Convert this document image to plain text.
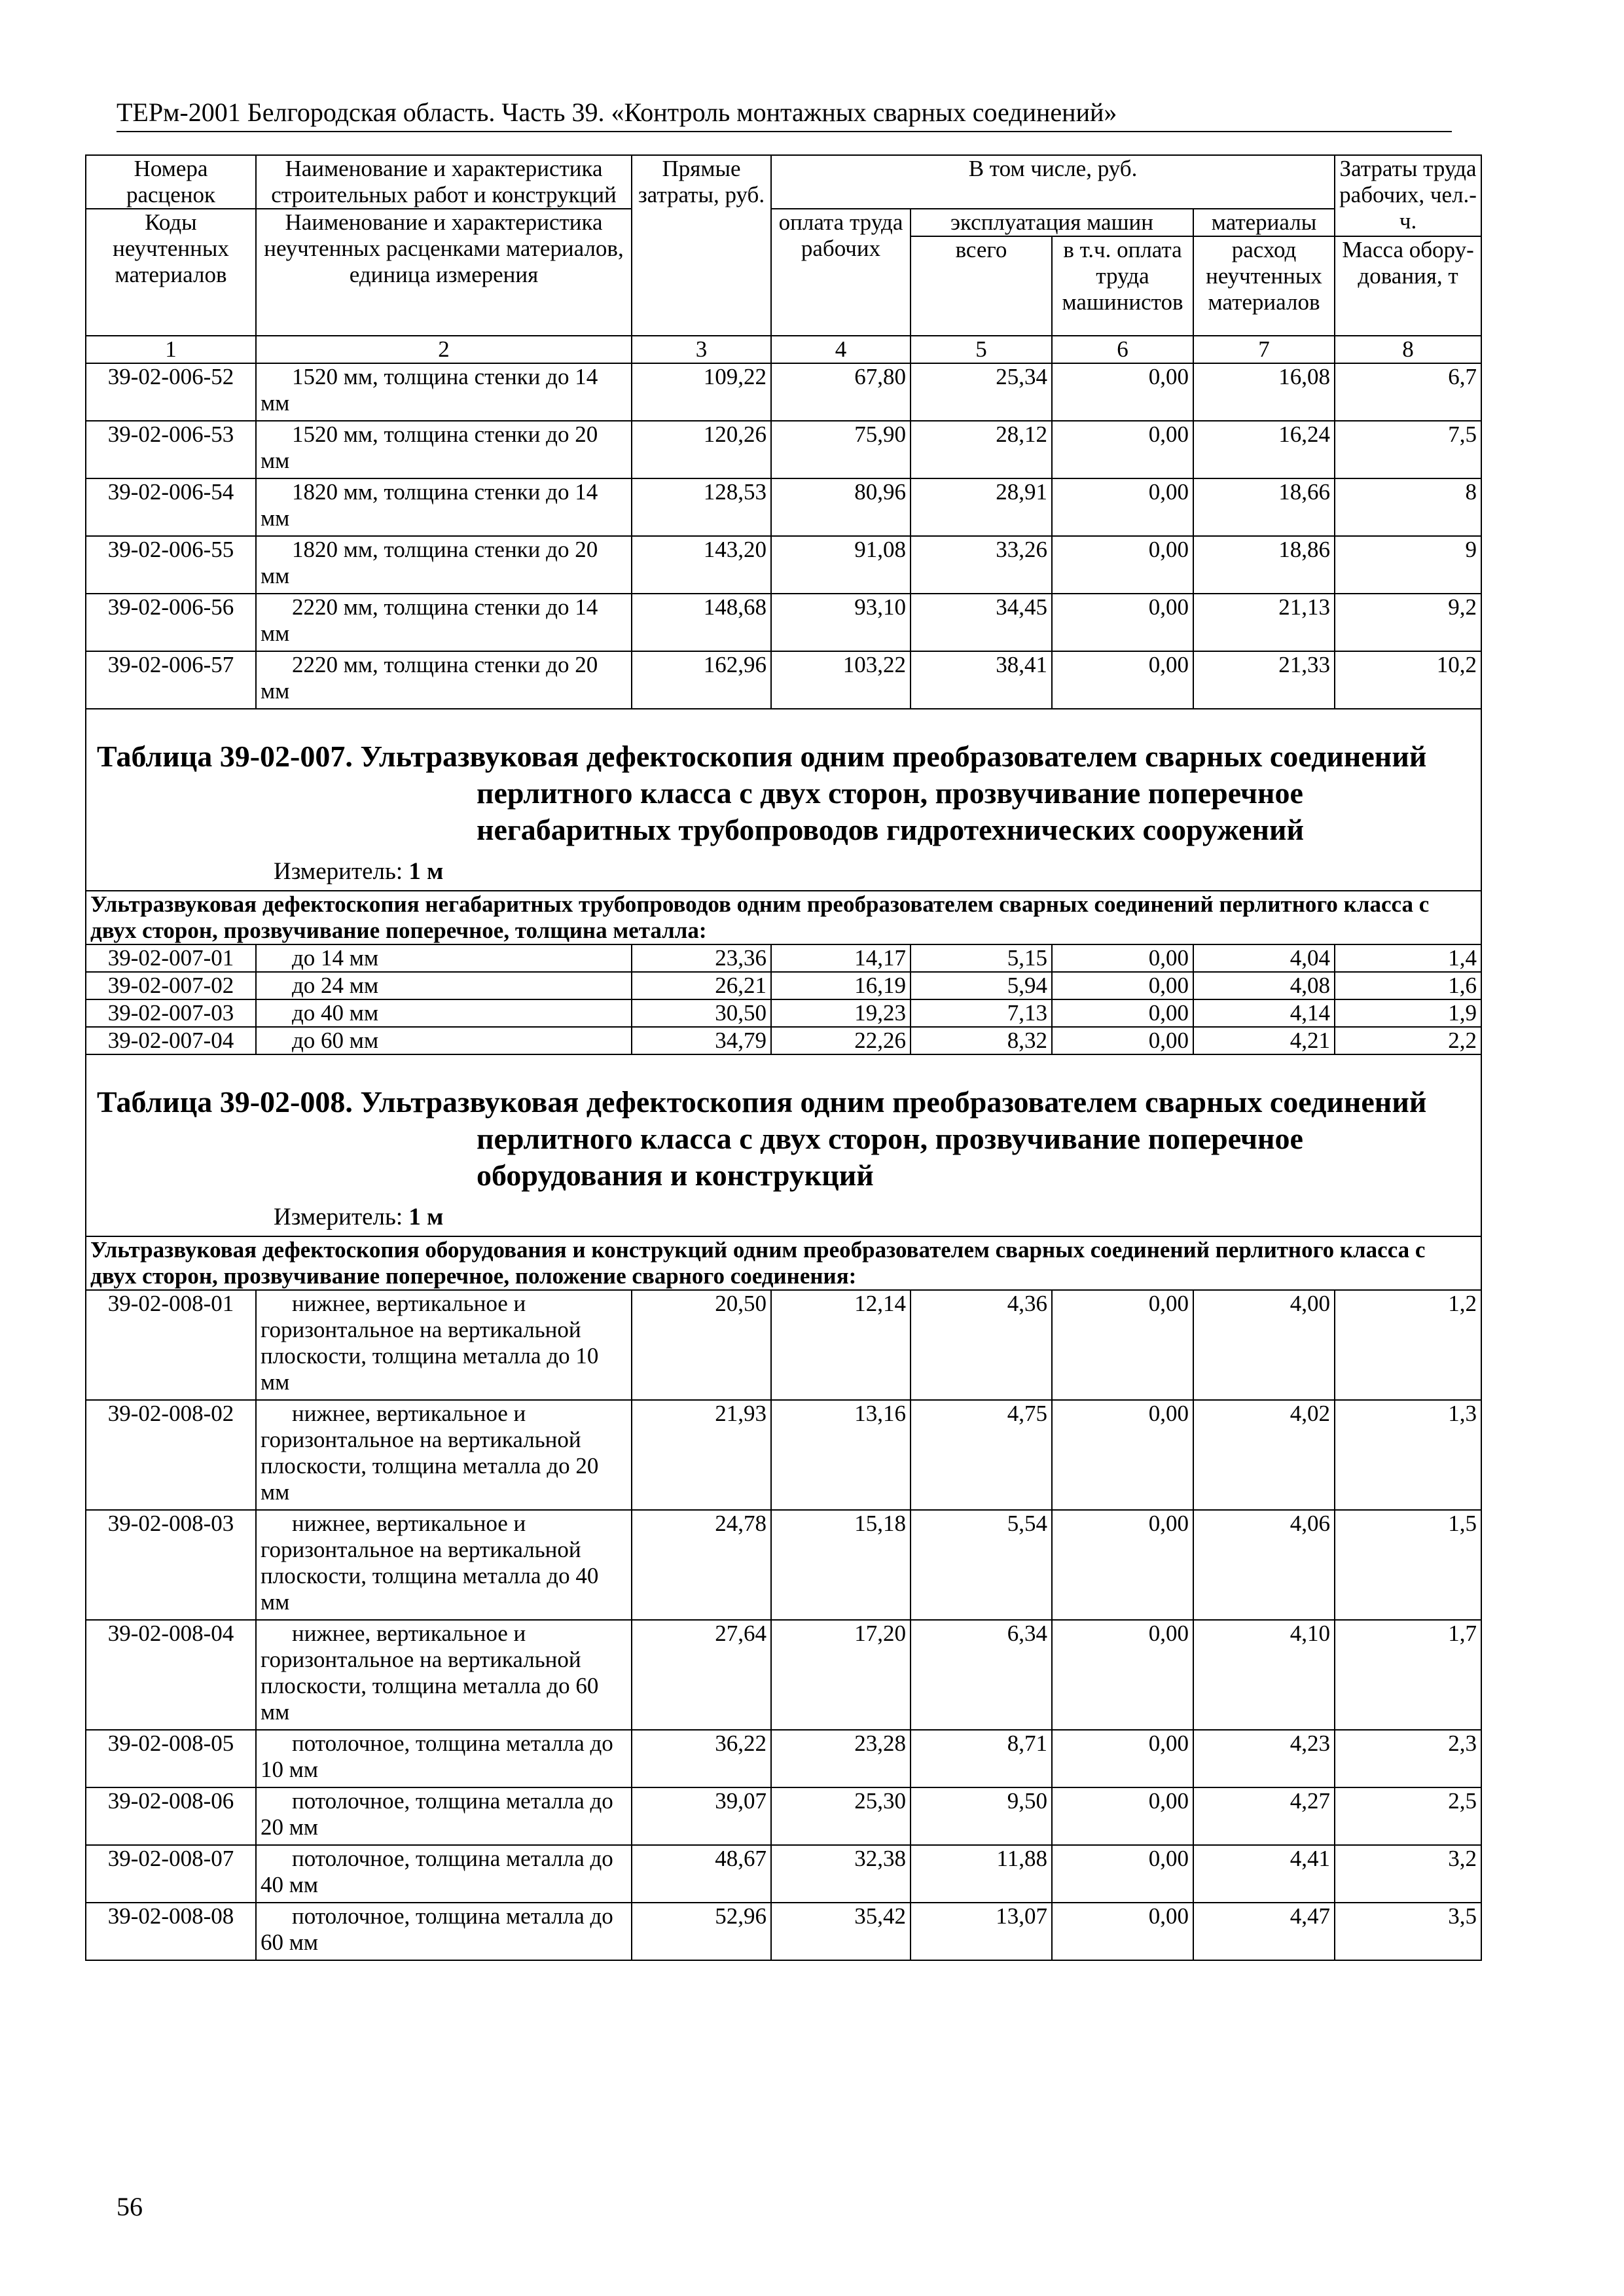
ТЕРм-2001 Белгородская область. Часть 39. «Контроль монтажных сварных соединений»
Номера расценок	Наименование и характеристика строительных работ и конструкций	Прямые затраты, руб.	В том числе, руб.				Затраты труда рабочих, чел.-ч.
Коды неучтенных материалов	Наименование и характеристика неучтенных расценками материалов, единица измерения		оплата труда рабочих	эксплуатация машин		материалы	
				всего	в т.ч. оплата труда машинистов	расход неучтенных материалов	Масса обору-дования, т
1	2	3	4	5	6	7	8
39-02-006-52	1520 мм, толщина стенки до 14 мм	109,22	67,80	25,34	0,00	16,08	6,7
39-02-006-53	1520 мм, толщина стенки до 20 мм	120,26	75,90	28,12	0,00	16,24	7,5
39-02-006-54	1820 мм, толщина стенки до 14 мм	128,53	80,96	28,91	0,00	18,66	8
39-02-006-55	1820 мм, толщина стенки до 20 мм	143,20	91,08	33,26	0,00	18,86	9
39-02-006-56	2220 мм, толщина стенки до 14 мм	148,68	93,10	34,45	0,00	21,13	9,2
39-02-006-57	2220 мм, толщина стенки до 20 мм	162,96	103,22	38,41	0,00	21,33	10,2

Таблица 39-02-007. Ультразвуковая дефектоскопия одним преобразователем сварных соединений перлитного класса с двух сторон, прозвучивание поперечное негабаритных трубопроводов гидротехнических сооружений
Измеритель: 1 м							

Ультразвуковая дефектоскопия негабаритных трубопроводов одним преобразователем сварных соединений перлитного класса с двух сторон, прозвучивание поперечное, толщина металла:							
39-02-007-01	до 14 мм	23,36	14,17	5,15	0,00	4,04	1,4
39-02-007-02	до 24 мм	26,21	16,19	5,94	0,00	4,08	1,6
39-02-007-03	до 40 мм	30,50	19,23	7,13	0,00	4,14	1,9
39-02-007-04	до 60 мм	34,79	22,26	8,32	0,00	4,21	2,2

Таблица 39-02-008. Ультразвуковая дефектоскопия одним преобразователем сварных соединений перлитного класса с двух сторон, прозвучивание поперечное оборудования и конструкций
Измеритель: 1 м							

Ультразвуковая дефектоскопия оборудования и конструкций одним преобразователем сварных соединений перлитного класса с двух сторон, прозвучивание поперечное, положение сварного соединения:							
39-02-008-01	нижнее, вертикальное и горизонтальное на вертикальной плоскости, толщина металла до 10 мм	20,50	12,14	4,36	0,00	4,00	1,2
39-02-008-02	нижнее, вертикальное и горизонтальное на вертикальной плоскости, толщина металла до 20 мм	21,93	13,16	4,75	0,00	4,02	1,3
39-02-008-03	нижнее, вертикальное и горизонтальное на вертикальной плоскости, толщина металла до 40 мм	24,78	15,18	5,54	0,00	4,06	1,5
39-02-008-04	нижнее, вертикальное и горизонтальное на вертикальной плоскости, толщина металла до 60 мм	27,64	17,20	6,34	0,00	4,10	1,7
39-02-008-05	потолочное, толщина металла до 10 мм	36,22	23,28	8,71	0,00	4,23	2,3
39-02-008-06	потолочное, толщина металла до 20 мм	39,07	25,30	9,50	0,00	4,27	2,5
39-02-008-07	потолочное, толщина металла до 40 мм	48,67	32,38	11,88	0,00	4,41	3,2
39-02-008-08	потолочное, толщина металла до 60 мм	52,96	35,42	13,07	0,00	4,47	3,5
56
